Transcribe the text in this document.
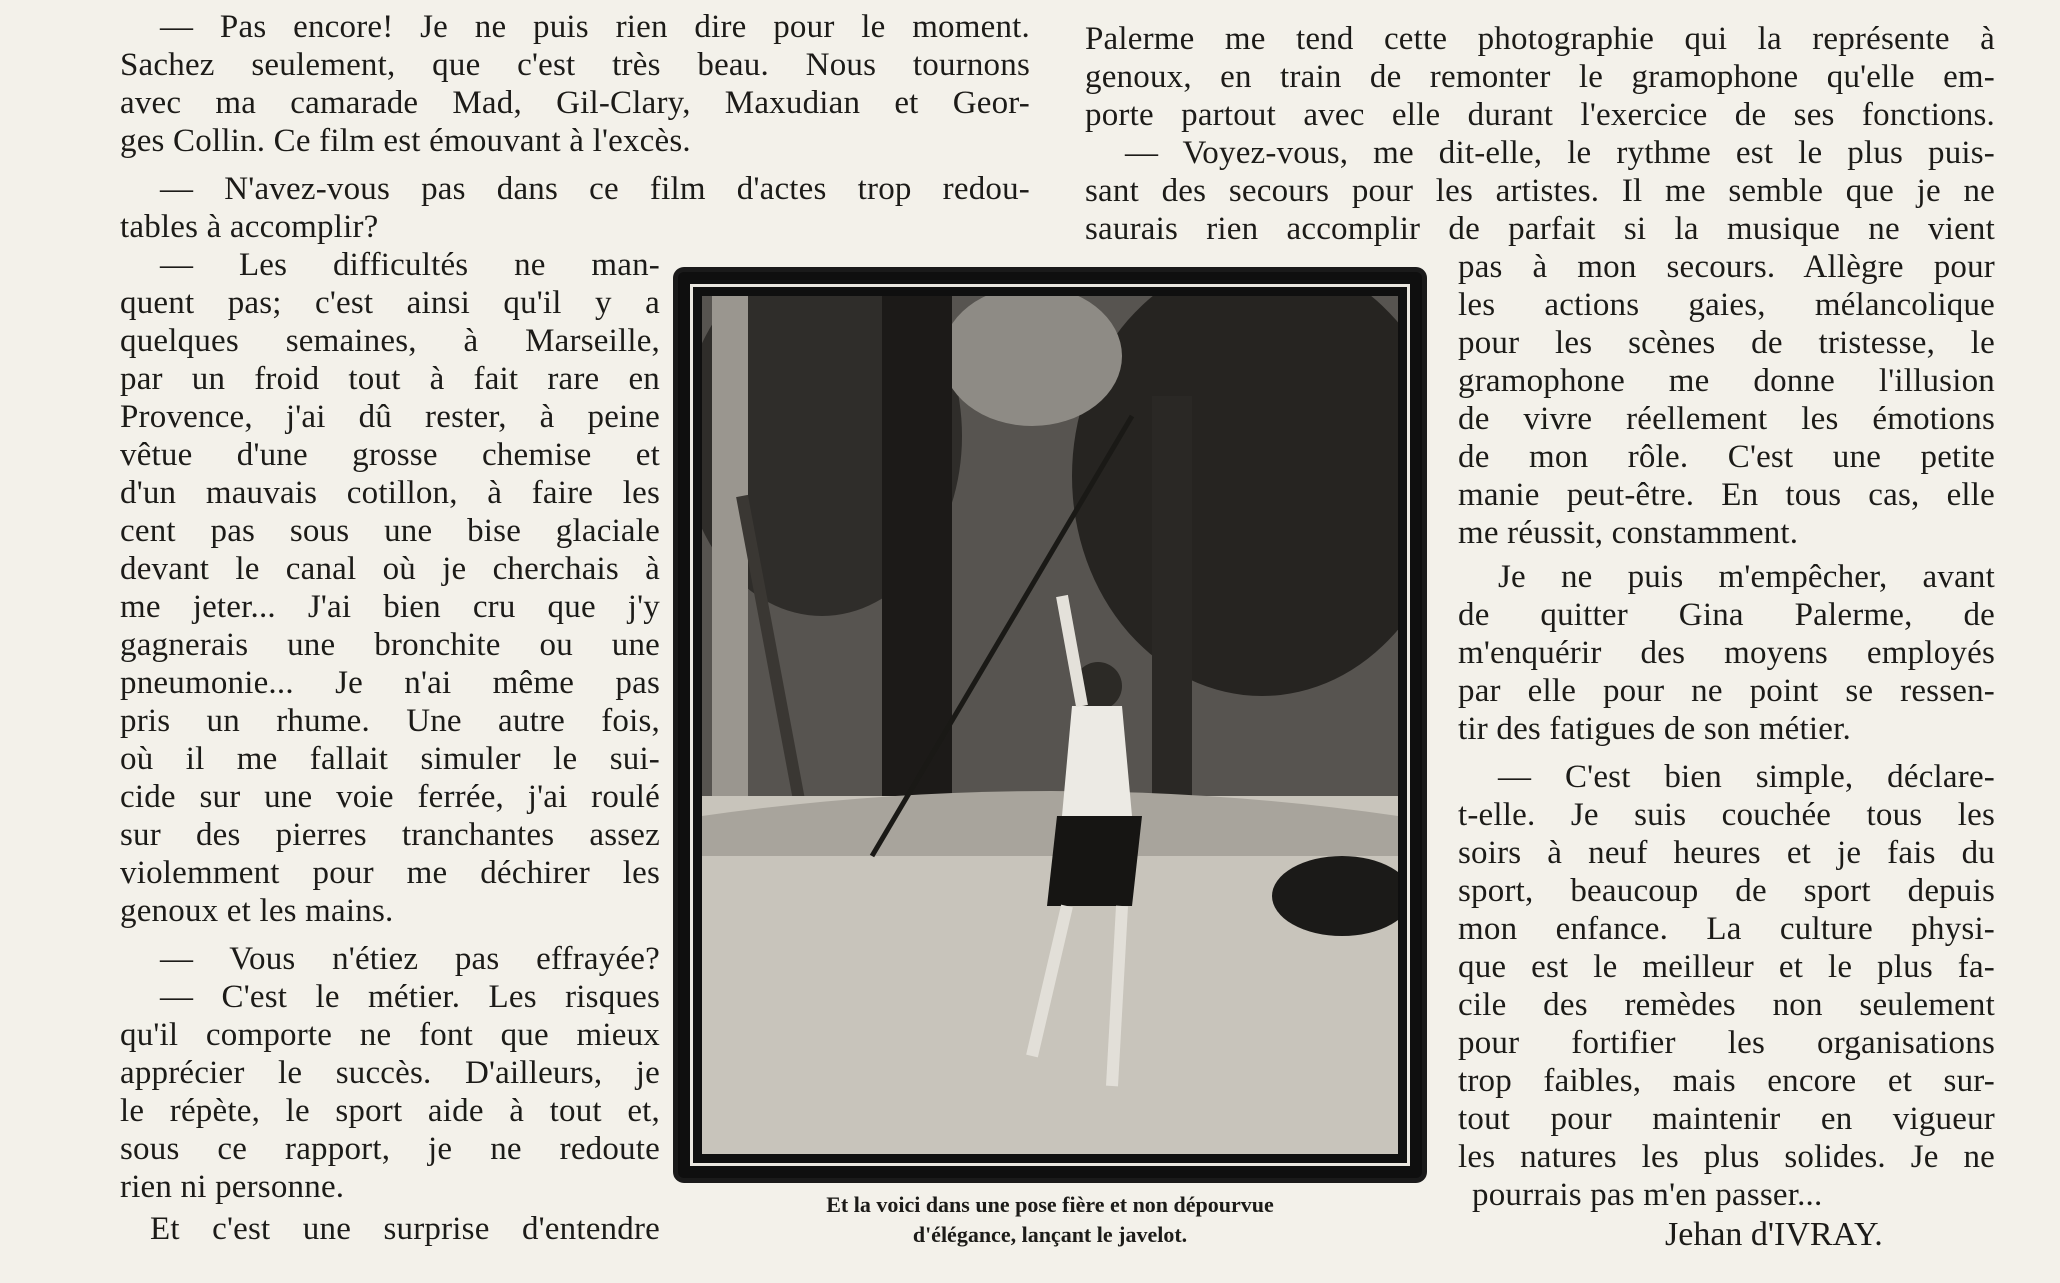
— Pas encore! Je ne puis rien dire pour le moment.
Sachez seulement, que c'est très beau. Nous tournons
avec ma camarade Mad, Gil-Clary, Maxudian et Geor-
ges Collin. Ce film est émouvant à l'excès.
— N'avez-vous pas dans ce film d'actes trop redou-
tables à accomplir?
— Les difficultés ne man-
quent pas; c'est ainsi qu'il y a
quelques semaines, à Marseille,
par un froid tout à fait rare en
Provence, j'ai dû rester, à peine
vêtue d'une grosse chemise et
d'un mauvais cotillon, à faire les
cent pas sous une bise glaciale
devant le canal où je cherchais à
me jeter... J'ai bien cru que j'y
gagnerais une bronchite ou une
pneumonie... Je n'ai même pas
pris un rhume. Une autre fois,
où il me fallait simuler le sui-
cide sur une voie ferrée, j'ai roulé
sur des pierres tranchantes assez
violemment pour me déchirer les
genoux et les mains.
— Vous n'étiez pas effrayée?
— C'est le métier. Les risques
qu'il comporte ne font que mieux
apprécier le succès. D'ailleurs, je
le répète, le sport aide à tout et,
sous ce rapport, je ne redoute
rien ni personne.
Et c'est une surprise d'entendre
Palerme me tend cette photographie qui la représente à
genoux, en train de remonter le gramophone qu'elle em-
porte partout avec elle durant l'exercice de ses fonctions.
— Voyez-vous, me dit-elle, le rythme est le plus puis-
sant des secours pour les artistes. Il me semble que je ne
saurais rien accomplir de parfait si la musique ne vient
pas à mon secours. Allègre pour
les actions gaies, mélancolique
pour les scènes de tristesse, le
gramophone me donne l'illusion
de vivre réellement les émotions
de mon rôle. C'est une petite
manie peut-être. En tous cas, elle
me réussit, constamment.
Je ne puis m'empêcher, avant
de quitter Gina Palerme, de
m'enquérir des moyens employés
par elle pour ne point se ressen-
tir des fatigues de son métier.
— C'est bien simple, déclare-
t-elle. Je suis couchée tous les
soirs à neuf heures et je fais du
sport, beaucoup de sport depuis
mon enfance. La culture physi-
que est le meilleur et le plus fa-
cile des remèdes non seulement
pour fortifier les organisations
trop faibles, mais encore et sur-
tout pour maintenir en vigueur
les natures les plus solides. Je ne
pourrais pas m'en passer...
Et la voici dans une pose fière et non dépourvue
d'élégance, lançant le javelot.	Jehan d'IVRAY.
